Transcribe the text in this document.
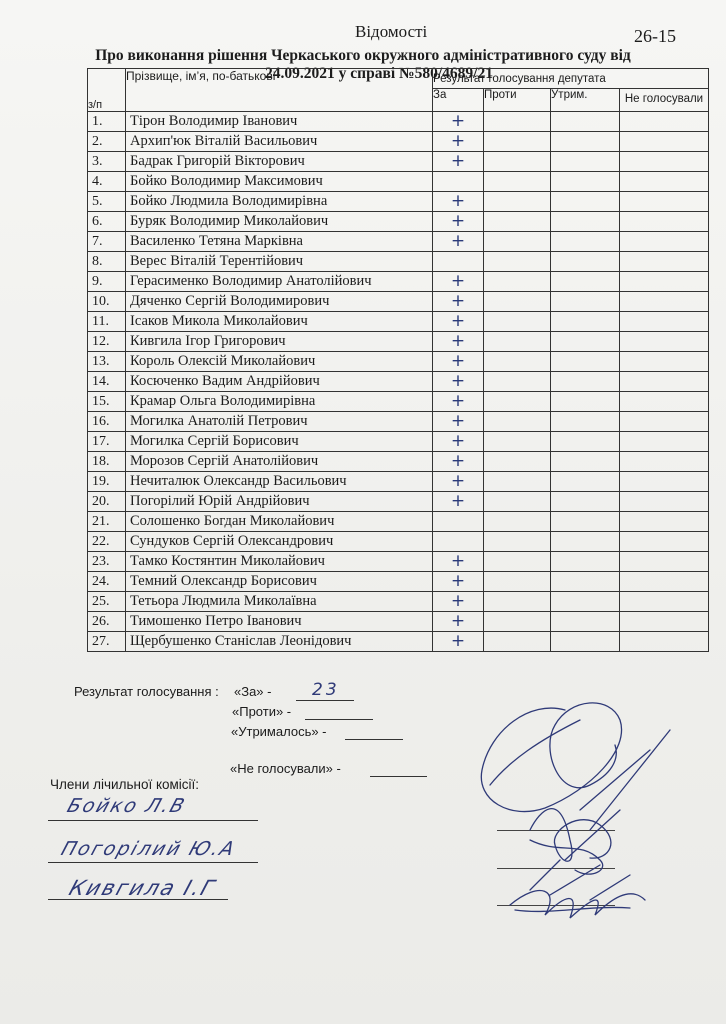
Відомості	26-15
Про виконання рішення Черкаського окружного адміністративного суду від
24.09.2021 у справі №580/4689/21
з/п	Прізвище, ім’я, по-батькові	Результат голосування депутата			
		За	Проти	Утрим.	Не голосували
1.	Тірон Володимир Іванович	+			
2.	Архип'юк Віталій Васильович	+			
3.	Бадрак Григорій Вікторович	+			
4.	Бойко Володимир Максимович				
5.	Бойко Людмила Володимирівна	+			
6.	Буряк Володимир Миколайович	+			
7.	Василенко Тетяна Марківна	+			
8.	Верес Віталій Терентійович				
9.	Герасименко Володимир Анатолійович	+			
10.	Дяченко Сергій Володимирович	+			
11.	Ісаков Микола Миколайович	+			
12.	Кивгила Ігор Григорович	+			
13.	Король Олексій Миколайович	+			
14.	Косюченко Вадим Андрійович	+			
15.	Крамар Ольга Володимирівна	+			
16.	Могилка Анатолій Петрович	+			
17.	Могилка Сергій Борисович	+			
18.	Морозов Сергій Анатолійович	+			
19.	Нечиталюк Олександр Васильович	+			
20.	Погорілий Юрій Андрійович	+			
21.	Солошенко Богдан Миколайович				
22.	Сундуков Сергій Олександрович				
23.	Тамко Костянтин Миколайович	+			
24.	Темний Олександр Борисович	+			
25.	Тетьора Людмила Миколаївна	+			
26.	Тимошенко Петро Іванович	+			
27.	Щербушенко Станіслав Леонідович	+			
Результат голосування : «За» - 23
«Проти» -
«Утрималось» -
«Не голосували» -
Члени лічильної комісії:
Бойко Л.В
Погорілий Ю.А
Кивгила І.Г
